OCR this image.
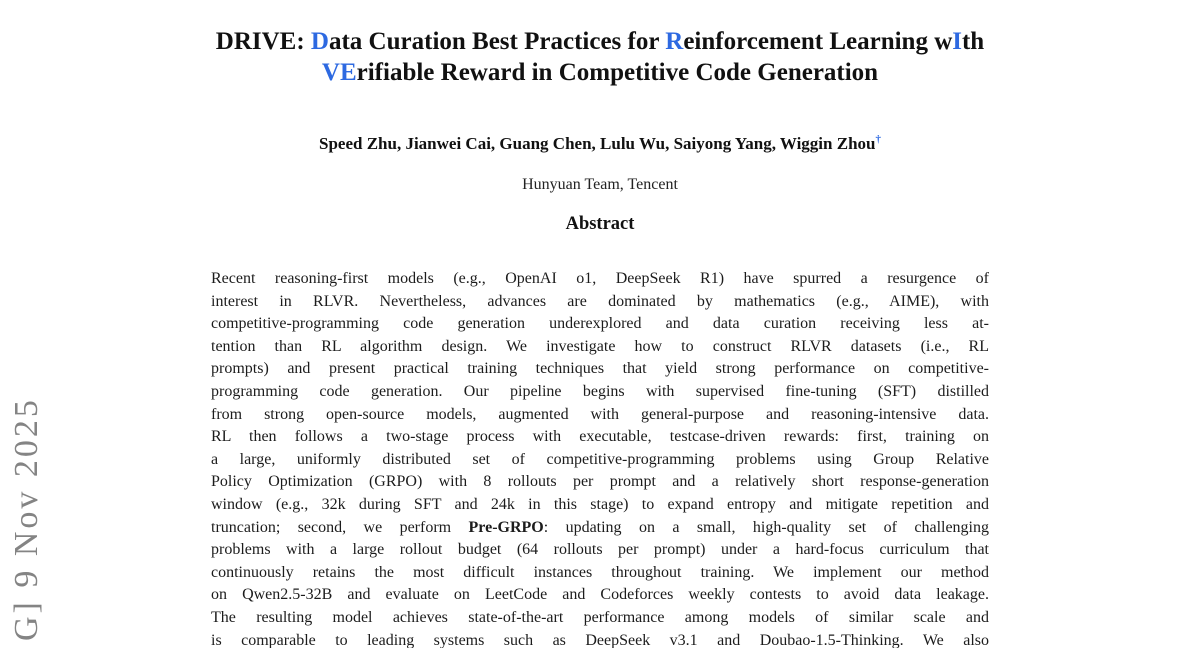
G] 9 Nov 2025
DRIVE: Data Curation Best Practices for Reinforcement Learning wIth
VErifiable Reward in Competitive Code Generation
Speed Zhu, Jianwei Cai, Guang Chen, Lulu Wu, Saiyong Yang, Wiggin Zhou†
Hunyuan Team, Tencent
Abstract
Recent reasoning-first models (e.g., OpenAI o1, DeepSeek R1) have spurred a resurgence of
interest in RLVR. Nevertheless, advances are dominated by mathematics (e.g., AIME), with
competitive-programming code generation underexplored and data curation receiving less at-
tention than RL algorithm design. We investigate how to construct RLVR datasets (i.e., RL
prompts) and present practical training techniques that yield strong performance on competitive-
programming code generation. Our pipeline begins with supervised fine-tuning (SFT) distilled
from strong open-source models, augmented with general-purpose and reasoning-intensive data.
RL then follows a two-stage process with executable, testcase-driven rewards: first, training on
a large, uniformly distributed set of competitive-programming problems using Group Relative
Policy Optimization (GRPO) with 8 rollouts per prompt and a relatively short response-generation
window (e.g., 32k during SFT and 24k in this stage) to expand entropy and mitigate repetition and
truncation; second, we perform Pre-GRPO: updating on a small, high-quality set of challenging
problems with a large rollout budget (64 rollouts per prompt) under a hard-focus curriculum that
continuously retains the most difficult instances throughout training. We implement our method
on Qwen2.5-32B and evaluate on LeetCode and Codeforces weekly contests to avoid data leakage.
The resulting model achieves state-of-the-art performance among models of similar scale and
is comparable to leading systems such as DeepSeek v3.1 and Doubao-1.5-Thinking. We also
